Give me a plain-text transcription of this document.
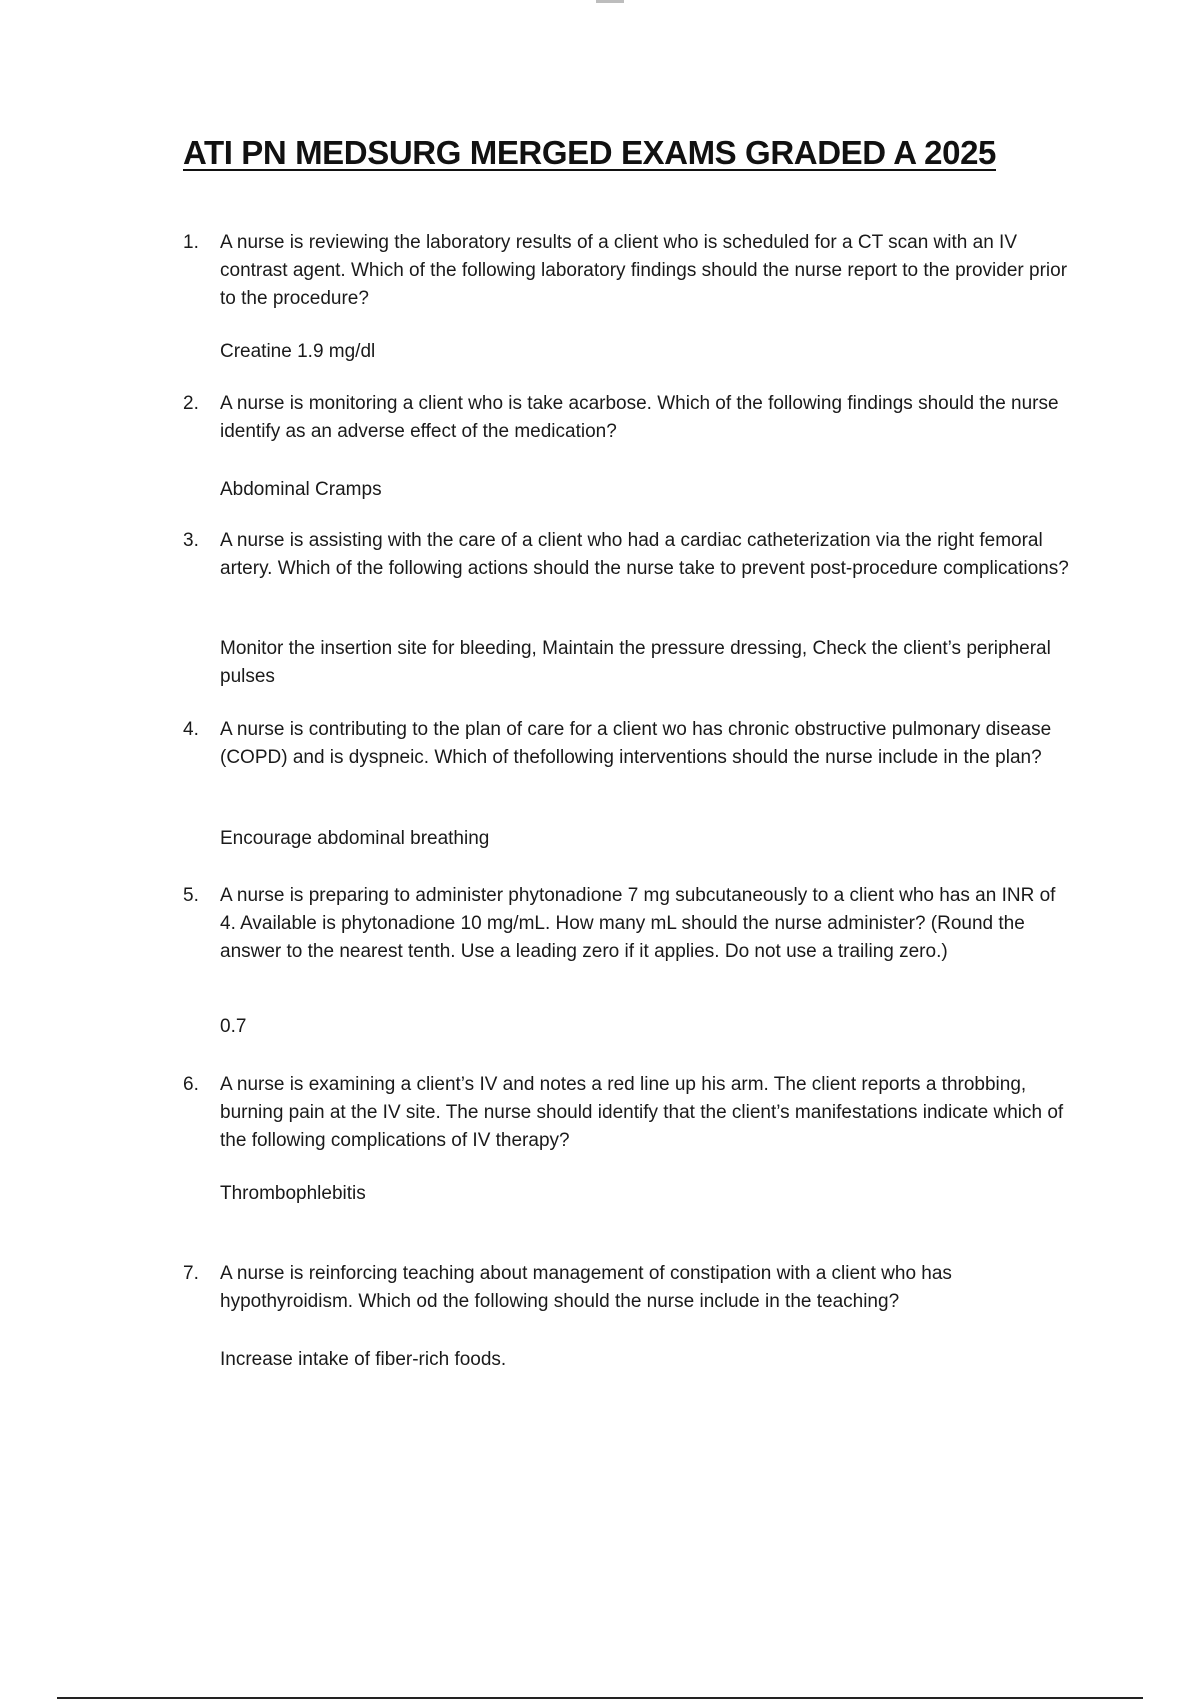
ATI PN MEDSURG MERGED EXAMS GRADED A 2025
1. A nurse is reviewing the laboratory results of a client who is scheduled for a CT scan with an IV contrast agent. Which of the following laboratory findings should the nurse report to the provider prior to the procedure?

Creatine 1.9 mg/dl

2. A nurse is monitoring a client who is take acarbose. Which of the following findings should the nurse identify as an adverse effect of the medication?

Abdominal Cramps

3. A nurse is assisting with the care of a client who had a cardiac catheterization via the right femoral artery. Which of the following actions should the nurse take to prevent post-procedure complications?

Monitor the insertion site for bleeding, Maintain the pressure dressing, Check the client’s peripheral pulses

4. A nurse is contributing to the plan of care for a client wo has chronic obstructive pulmonary disease (COPD) and is dyspneic. Which of thefollowing interventions should the nurse include in the plan?

Encourage abdominal breathing

5. A nurse is preparing to administer phytonadione 7 mg subcutaneously to a client who has an INR of 4. Available is phytonadione 10 mg/mL. How many mL should the nurse administer? (Round the answer to the nearest tenth. Use a leading zero if it applies. Do not use a trailing zero.)

0.7

6. A nurse is examining a client’s IV and notes a red line up his arm. The client reports a throbbing, burning pain at the IV site. The nurse should identify that the client’s manifestations indicate which of the following complications of IV therapy?

Thrombophlebitis

7. A nurse is reinforcing teaching about management of constipation with a client who has hypothyroidism. Which od the following should the nurse include in the teaching?

Increase intake of fiber-rich foods.
